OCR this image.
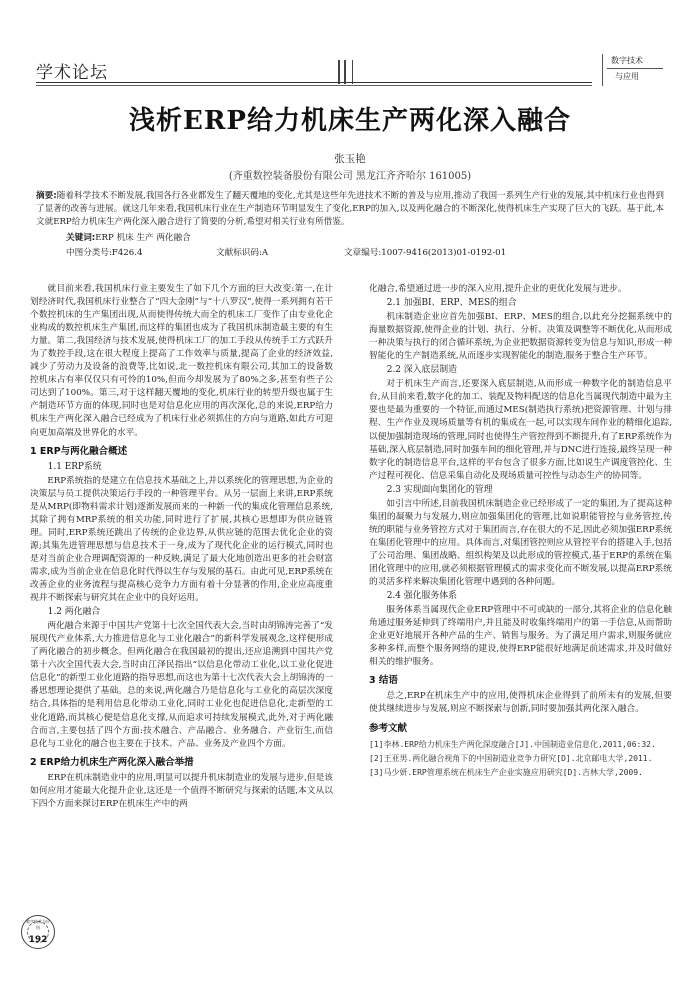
学术论坛
数字技术
与应用
浅析ERP给力机床生产两化深入融合
张玉艳
(齐重数控装备股份有限公司 黑龙江齐齐哈尔 161005)
摘要:随着科学技术不断发展,我国各行各业都发生了翻天覆地的变化,尤其是这些年先进技术不断的普及与应用,推动了我国一系列生产行业的发展,其中机床行业也得到了显著的改善与进展。就这几年来看,我国机床行业在生产制造环节明显发生了变化,ERP的加入,以及两化融合的不断深化,使得机床生产实现了巨大的飞跃。基于此,本文就ERP给力机床生产两化深入融合进行了简要的分析,希望对相关行业有所借鉴。
关键词:ERP 机床 生产 两化融合
中图分类号:F426.4	文献标识码:A	文章编号:1007-9416(2013)01-0192-01

就目前来看,我国机床行业主要发生了如下几个方面的巨大改变:第一,在计划经济时代,我国机床行业整合了“四大金刚”与“十八罗汉”,使得一系列拥有若干个数控机床的生产集团出现,从而使得传统大而全的机床工厂变作了由专业化企业构成的数控机床生产集团,而这样的集团也成为了我国机床制造最主要的有生力量。第二,我国经济与技术发展,使得机床工厂的加工手段从传统手工方式跃升为了数控手段,这在很大程度上提高了工作效率与质量,提高了企业的经济效益,减少了劳动力及设备的浪费等,比如说,北一数控机床有限公司,其加工的设备数控机床占有率仅仅只有可怜的10%,但而今却发展为了80%之多,甚至有些子公司达到了100%。第三,对于这样翻天覆地的变化,机床行业的转型升级也属于生产制造环节方面的体现,同时也是对信息化应用的再次深化,总的来说,ERP给力机床生产两化深入融合已经成为了机床行业必须抓住的方向与道路,如此方可迎向更加高端及世界化的水平。

1 ERP与两化融合概述
1.1 ERP系统

ERP系统指的是建立在信息技术基础之上,并以系统化的管理思想,为企业的决策层与员工提供决策运行手段的一种管理平台。从另一层面上来讲,ERP系统是从MRP(即物料需求计划)逐渐发展而来的一种新一代的集成化管理信息系统,其除了拥有MRP系统的相关功能,同时进行了扩展,其核心思想即为供应链管理。同时,ERP系统还跳出了传统的企业边界,从供应链的范围去优化企业的资源;其集先进管理思想与信息技术于一身,成为了现代化企业的运行模式,同时也是对当前企业合理调配资源的一种反映,满足了最大化地创造出更多的社会财富需求,成为当前企业在信息化时代得以生存与发展的基石。由此可见,ERP系统在改善企业的业务流程与提高核心竞争力方面有着十分显著的作用,企业应高度重视并不断探索与研究其在企业中的良好运用。

1.2 两化融合

两化融合来源于中国共产党第十七次全国代表大会,当时由胡锦涛完善了“发展现代产业体系,大力推进信息化与工业化融合”的新科学发展观念,这样便形成了两化融合的初步概念。但两化融合在我国最初的提出,还应追溯到中国共产党第十六次全国代表大会,当时由江泽民指出“以信息化带动工业化,以工业化促进信息化”的新型工业化道路的指导思想,而这也为第十七次代表大会上胡锦涛的一番思想理论提供了基础。总的来说,两化融合乃是信息化与工业化的高层次深度结合,具体指的是利用信息化带动工业化,同时工业化也促进信息化,走新型的工业化道路,而其核心便是信息化支撑,从而追求可持续发展模式,此外,对于两化融合而言,主要包括了四个方面:技术融合、产品融合、业务融合、产业衍生,而信息化与工业化的融合也主要在于技术、产品、业务及产业四个方面。

2 ERP给力机床生产两化深入融合举措

ERP在机床制造业中的应用,明显可以提升机床制造业的发展与进步,但是该如何应用才能最大化提升企业,这还是一个值得不断研究与探索的话题,本文从以下四个方面来探讨ERP在机床生产中的两

化融合,希望通过进一步的深入应用,提升企业的更优化发展与进步。

2.1 加强BI、ERP、MES的组合

机床制造企业应首先加强BI、ERP、MES的组合,以此充分挖掘系统中的海量数据资源,使得企业的计划、执行、分析、决策及调整等不断优化,从而形成一种决策与执行的闭合循环系统,为企业把数据资源转变为信息与知识,形成一种智能化的生产制造系统,从而逐步实现智能化的制造,服务于整合生产环节。

2.2 深入底层制造

对于机床生产而言,还要深入底层制造,从而形成一种数字化的制造信息平台,从目前来看,数字化的加工、装配及物料配送的信息化当属现代制造中最为主要也是最为重要的一个特征,而通过MES(制造执行系统)把资源管理、计划与排程、生产作业及现场质量等有机的集成在一起,可以实现车间作业的精细化追踪,以便加强制造现场的管理,同时也使得生产管控得到不断提升,有了ERP系统作为基础,深入底层制造,同时加强车间的细化管理,并与DNC进行连接,最终呈现一种数字化的制造信息平台,这样的平台包含了很多方面,比如说生产调度管控化、生产过程可视化、信息采集自动化及现场质量可控性与动态生产的协同等。

2.3 实现面向集团化的管理

如引言中所述,目前我国机床制造企业已经形成了一定的集团,为了提高这种集团的凝聚力与发展力,则应加强集团化的管理,比如说职能管控与业务管控,传统的职能与业务管控方式对于集团而言,存在很大的不足,因此必须加强ERP系统在集团化管理中的应用。具体而言,对集团管控则应从管控平台的搭建入手,包括了公司治理、集团战略、组织构架及以此形成的管控模式,基于ERP的系统在集团化管理中的应用,就必须根据管理模式的需求变化而不断发展,以提高ERP系统的灵活多样来解决集团化管理中遇到的各种问题。

2.4 强化服务体系

服务体系当属现代企业ERP管理中不可或缺的一部分,其将企业的信息化触角通过服务延伸到了终端用户,并且能及时收集终端用户的第一手信息,从而帮助企业更好地展开各种产品的生产、销售与服务。为了满足用户需求,则服务就应多种多样,而整个服务网络的建设,使得ERP能很好地满足前述需求,并及时做好相关的维护服务。

3 结语

总之,ERP在机床生产中的应用,使得机床企业得到了前所未有的发展,但要使其继续进步与发展,则应不断探索与创新,同时要加强其两化深入融合。

参考文献

[1]李林.ERP给力机床生产两化深度融合[J].中国制造业信息化,2011,06:32.

[2]王亚男.两化融合视角下的中国制造业竞争力研究[D].北京邮电大学,2011.

[3]马少妍.ERP管理系统在机床生产企业实施应用研究[D].吉林大学,2009.

数字技术与应用
192
